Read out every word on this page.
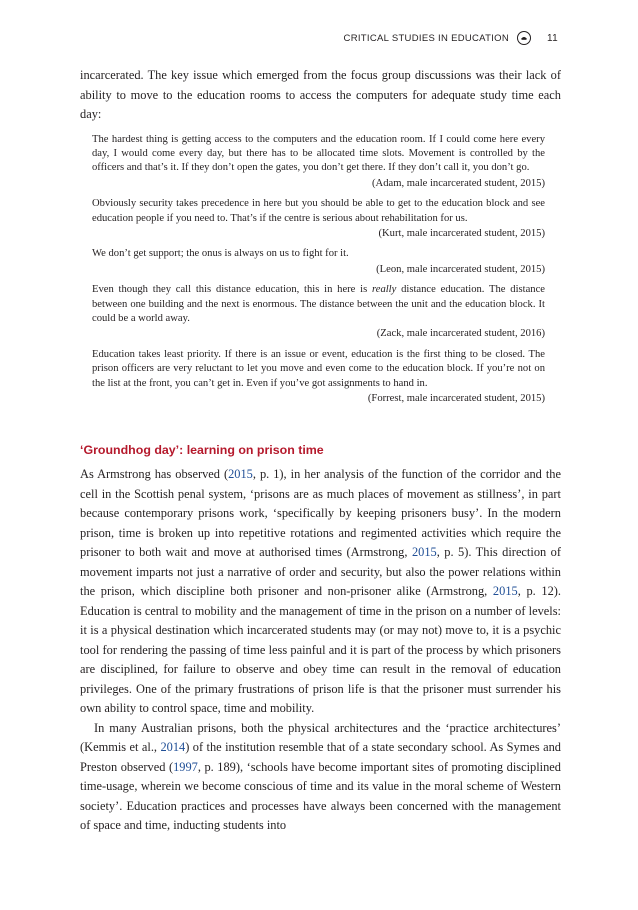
CRITICAL STUDIES IN EDUCATION	11

incarcerated. The key issue which emerged from the focus group discussions was their lack of ability to move to the education rooms to access the computers for adequate study time each day:

The hardest thing is getting access to the computers and the education room. If I could come here every day, I would come every day, but there has to be allocated time slots. Movement is controlled by the officers and that’s it. If they don’t open the gates, you don’t get there. If they don’t call it, you don’t go.
(Adam, male incarcerated student, 2015)
Obviously security takes precedence in here but you should be able to get to the education block and see education people if you need to. That’s if the centre is serious about rehabilitation for us.
(Kurt, male incarcerated student, 2015)
We don’t get support; the onus is always on us to fight for it.
(Leon, male incarcerated student, 2015)
Even though they call this distance education, this in here is really distance education. The distance between one building and the next is enormous. The distance between the unit and the education block. It could be a world away.
(Zack, male incarcerated student, 2016)
Education takes least priority. If there is an issue or event, education is the first thing to be closed. The prison officers are very reluctant to let you move and even come to the education block. If you’re not on the list at the front, you can’t get in. Even if you’ve got assignments to hand in.
(Forrest, male incarcerated student, 2015)
‘Groundhog day’: learning on prison time

As Armstrong has observed (2015, p. 1), in her analysis of the function of the corridor and the cell in the Scottish penal system, ‘prisons are as much places of movement as stillness’, in part because contemporary prisons work, ‘specifically by keeping prisoners busy’. In the modern prison, time is broken up into repetitive rotations and regimented activities which require the prisoner to both wait and move at authorised times (Armstrong, 2015, p. 5). This direction of movement imparts not just a narrative of order and security, but also the power relations within the prison, which discipline both prisoner and non-prisoner alike (Armstrong, 2015, p. 12). Education is central to mobility and the management of time in the prison on a number of levels: it is a physical destination which incarcerated students may (or may not) move to, it is a psychic tool for rendering the passing of time less painful and it is part of the process by which prisoners are disciplined, for failure to observe and obey time can result in the removal of education privileges. One of the primary frustrations of prison life is that the prisoner must surrender his own ability to control space, time and mobility.

In many Australian prisons, both the physical architectures and the ‘practice architectures’ (Kemmis et al., 2014) of the institution resemble that of a state secondary school. As Symes and Preston observed (1997, p. 189), ‘schools have become important sites of promoting disciplined time-usage, wherein we become conscious of time and its value in the moral scheme of Western society’. Education practices and processes have always been concerned with the management of space and time, inducting students into
